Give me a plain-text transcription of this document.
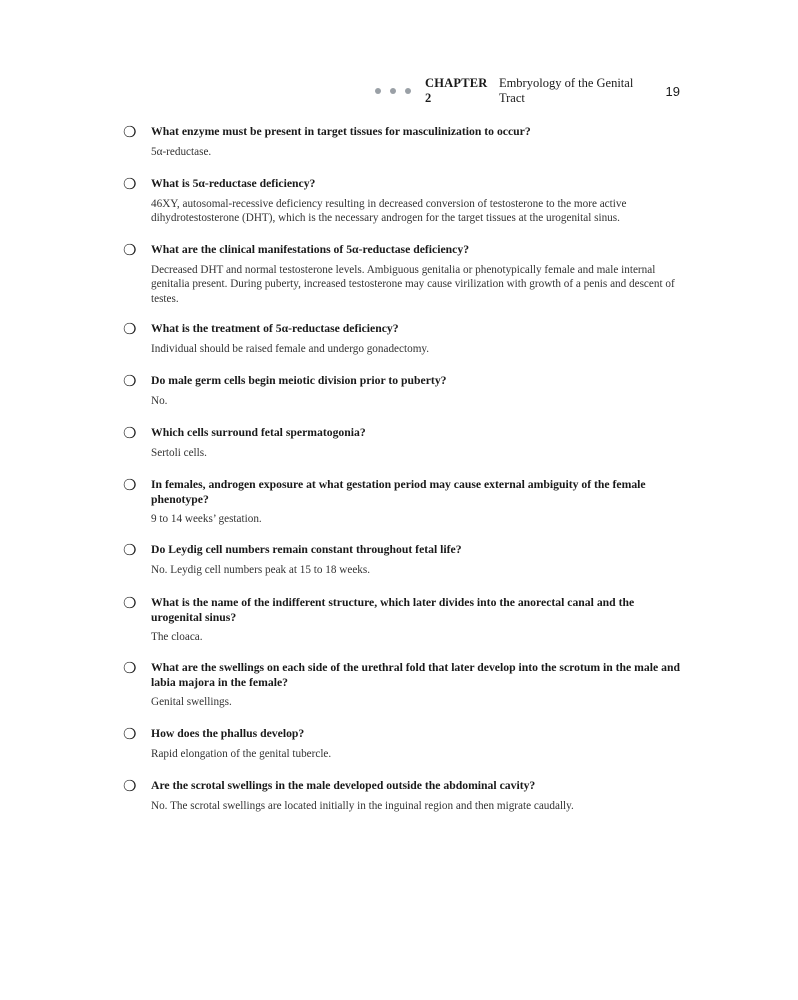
CHAPTER 2
Embryology of the Genital Tract	19
❍ What enzyme must be present in target tissues for masculinization to occur?
5α-reductase.
❍ What is 5α-reductase deficiency?
46XY, autosomal-recessive deficiency resulting in decreased conversion of testosterone to the more active dihydrotestosterone (DHT), which is the necessary androgen for the target tissues at the urogenital sinus.
❍ What are the clinical manifestations of 5α-reductase deficiency?
Decreased DHT and normal testosterone levels. Ambiguous genitalia or phenotypically female and male internal genitalia present. During puberty, increased testosterone may cause virilization with growth of a penis and descent of testes.
❍ What is the treatment of 5α-reductase deficiency?
Individual should be raised female and undergo gonadectomy.
❍ Do male germ cells begin meiotic division prior to puberty?
No.
❍ Which cells surround fetal spermatogonia?
Sertoli cells.
❍ In females, androgen exposure at what gestation period may cause external ambiguity of the female phenotype?
9 to 14 weeks’ gestation.
❍ Do Leydig cell numbers remain constant throughout fetal life?
No. Leydig cell numbers peak at 15 to 18 weeks.
❍ What is the name of the indifferent structure, which later divides into the anorectal canal and the urogenital sinus?
The cloaca.
❍ What are the swellings on each side of the urethral fold that later develop into the scrotum in the male and labia majora in the female?
Genital swellings.
❍ How does the phallus develop?
Rapid elongation of the genital tubercle.
❍ Are the scrotal swellings in the male developed outside the abdominal cavity?
No. The scrotal swellings are located initially in the inguinal region and then migrate caudally.
